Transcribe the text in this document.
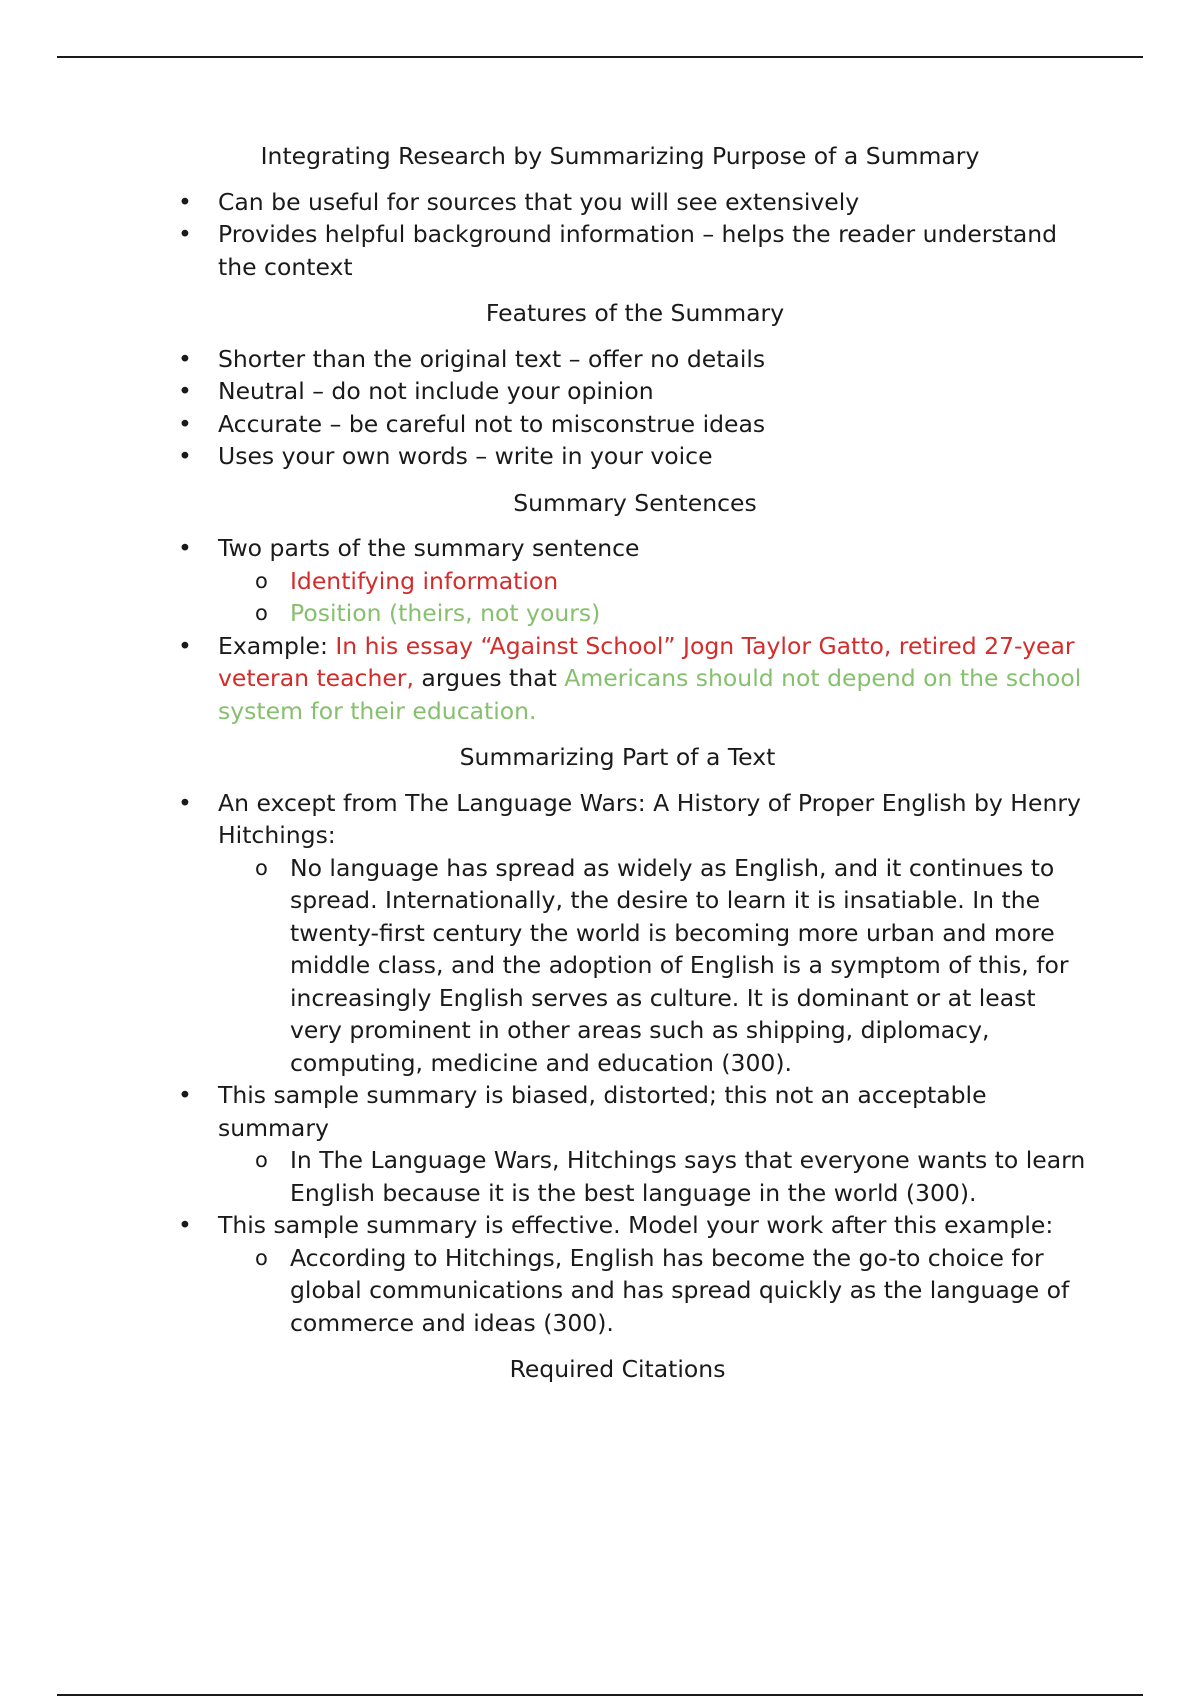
Integrating Research by Summarizing Purpose of a Summary
• Can be useful for sources that you will see extensively
• Provides helpful background information – helps the reader understand the context
Features of the Summary
• Shorter than the original text – offer no details
• Neutral – do not include your opinion
• Accurate – be careful not to misconstrue ideas
• Uses your own words – write in your voice
Summary Sentences
• Two parts of the summary sentence
o Identifying information
o Position (theirs, not yours)
• Example: In his essay “Against School” Jogn Taylor Gatto, retired 27-year veteran teacher, argues that Americans should not depend on the school system for their education.
Summarizing Part of a Text
• An except from The Language Wars: A History of Proper English by Henry Hitchings:
o No language has spread as widely as English, and it continues to spread. Internationally, the desire to learn it is insatiable. In the twenty-first century the world is becoming more urban and more middle class, and the adoption of English is a symptom of this, for increasingly English serves as culture. It is dominant or at least very prominent in other areas such as shipping, diplomacy, computing, medicine and education (300).
• This sample summary is biased, distorted; this not an acceptable summary
o In The Language Wars, Hitchings says that everyone wants to learn English because it is the best language in the world (300).
• This sample summary is effective. Model your work after this example:
o According to Hitchings, English has become the go-to choice for global communications and has spread quickly as the language of commerce and ideas (300).
Required Citations
